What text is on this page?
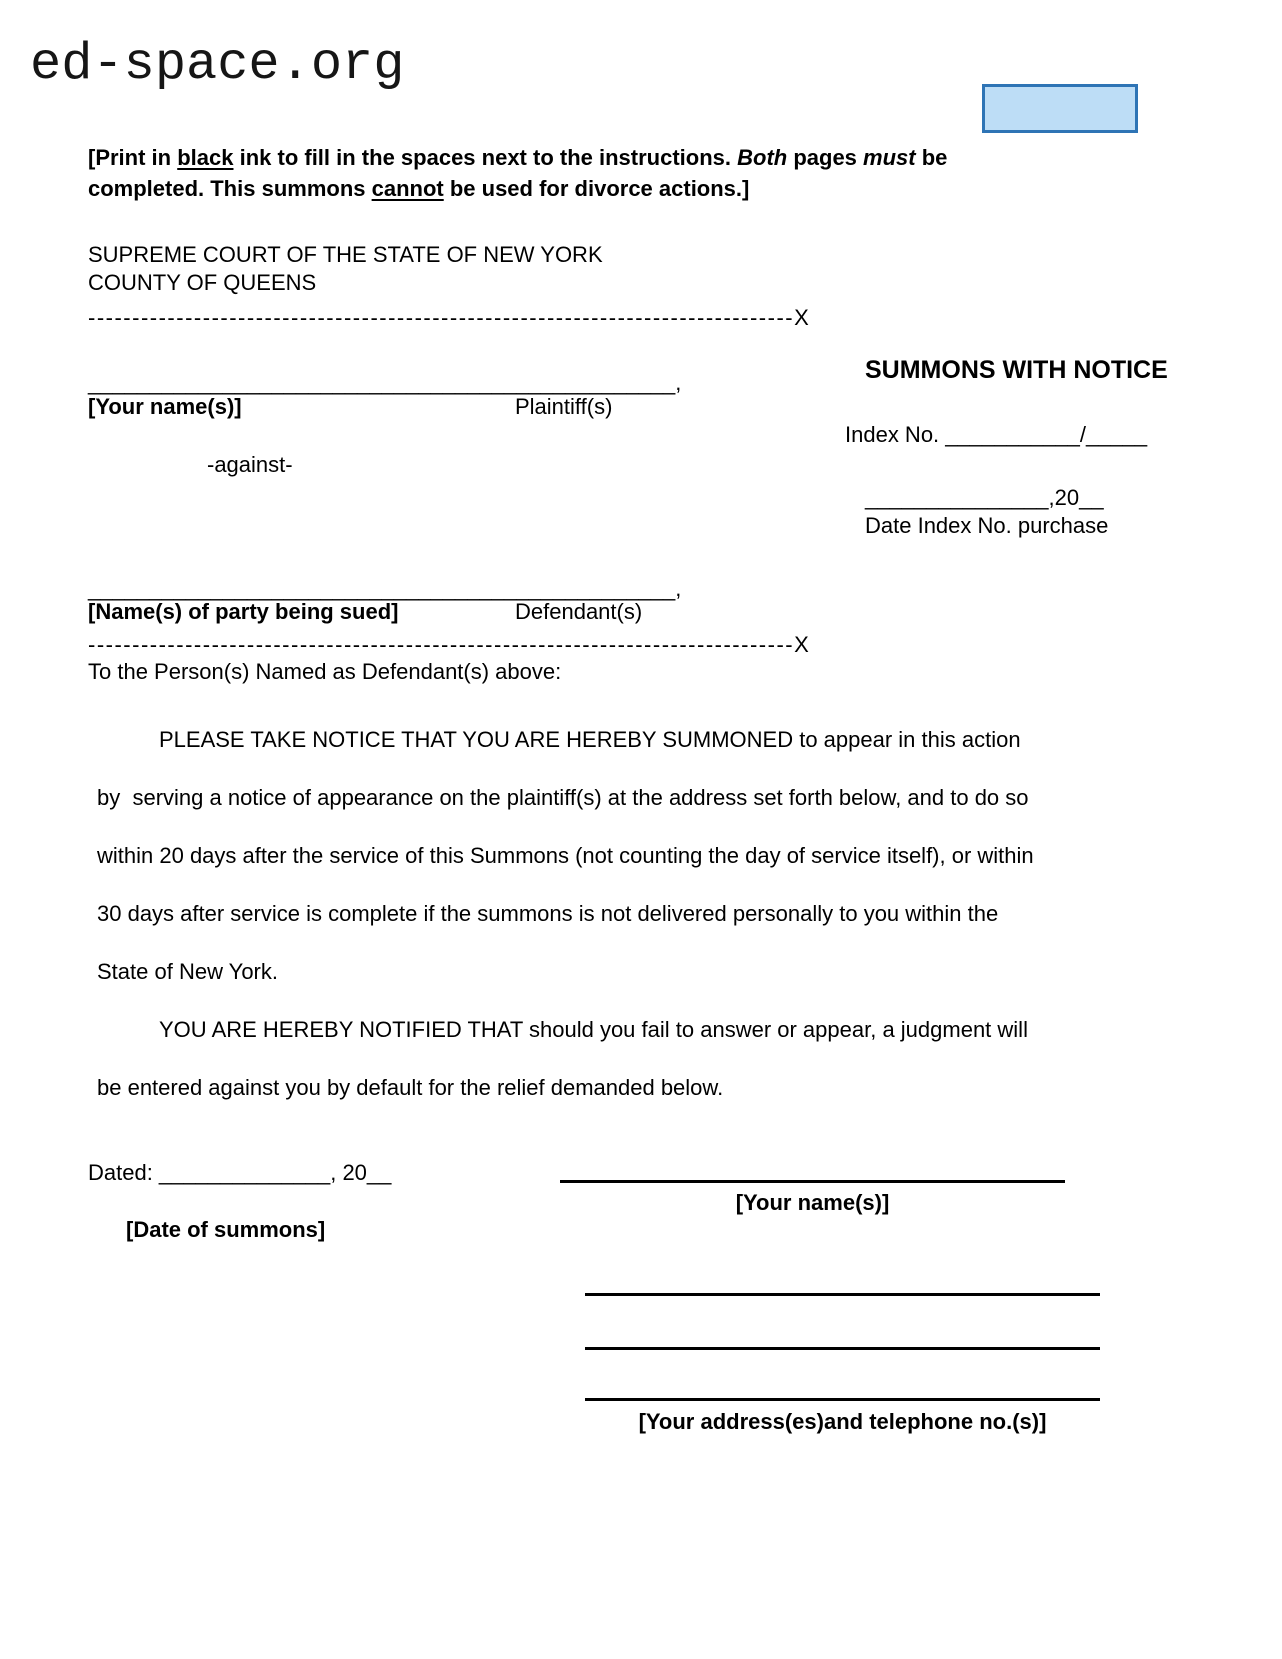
ed-space.org
[Print in black ink to fill in the spaces next to the instructions. Both pages must be
completed. This summons cannot be used for divorce actions.]
SUPREME COURT OF THE STATE OF NEW YORK
COUNTY OF QUEENS
--------------------------------------------------------------------------------X
________________________________________________,
[Your name(s)]	Plaintiff(s)
SUMMONS WITH NOTICE
Index No. ___________/_____
_______________,20__
Date Index No. purchase
-against-
________________________________________________,
[Name(s) of party being sued]	Defendant(s)
--------------------------------------------------------------------------------X
To the Person(s) Named as Defendant(s) above:
PLEASE TAKE NOTICE THAT YOU ARE HEREBY SUMMONED to appear in this action
by  serving a notice of appearance on the plaintiff(s) at the address set forth below, and to do so
within 20 days after the service of this Summons (not counting the day of service itself), or within
30 days after service is complete if the summons is not delivered personally to you within the
State of New York.
YOU ARE HEREBY NOTIFIED THAT should you fail to answer or appear, a judgment will
be entered against you by default for the relief demanded below.
Dated: ______________, 20__
[Date of summons]
[Your name(s)]
[Your address(es)and telephone no.(s)]
